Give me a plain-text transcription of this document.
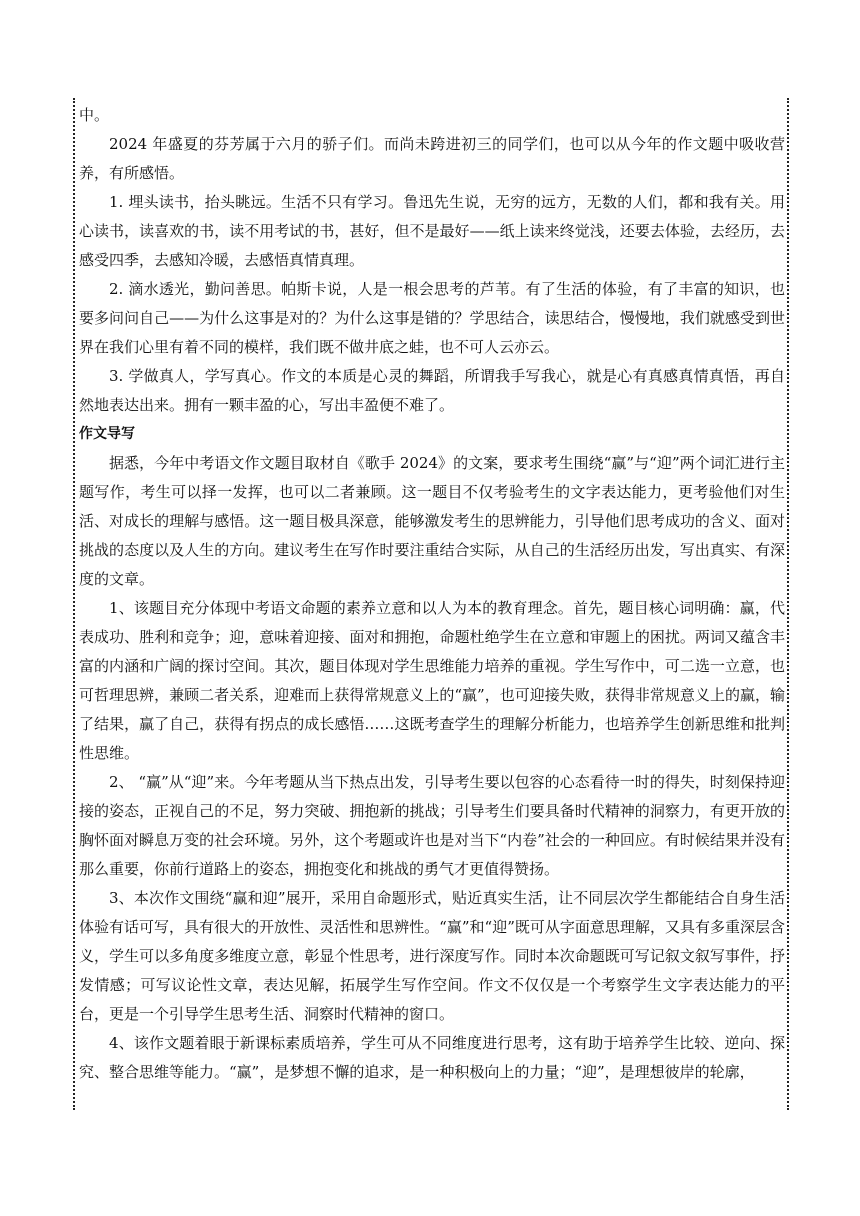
中。

2024 年盛夏的芬芳属于六月的骄子们。而尚未跨进初三的同学们，也可以从今年的作文题中吸收营养，有所感悟。

1. 埋头读书，抬头眺远。生活不只有学习。鲁迅先生说，无穷的远方，无数的人们，都和我有关。用心读书，读喜欢的书，读不用考试的书，甚好，但不是最好——纸上读来终觉浅，还要去体验，去经历，去感受四季，去感知冷暖，去感悟真情真理。

2. 滴水透光，勤问善思。帕斯卡说，人是一根会思考的芦苇。有了生活的体验，有了丰富的知识，也要多问问自己——为什么这事是对的？为什么这事是错的？学思结合，读思结合，慢慢地，我们就感受到世界在我们心里有着不同的模样，我们既不做井底之蛙，也不可人云亦云。

3. 学做真人，学写真心。作文的本质是心灵的舞蹈，所谓我手写我心，就是心有真感真情真悟，再自然地表达出来。拥有一颗丰盈的心，写出丰盈便不难了。

作文导写

据悉，今年中考语文作文题目取材自《歌手 2024》的文案，要求考生围绕“赢”与“迎”两个词汇进行主题写作，考生可以择一发挥，也可以二者兼顾。这一题目不仅考验考生的文字表达能力，更考验他们对生活、对成长的理解与感悟。这一题目极具深意，能够激发考生的思辨能力，引导他们思考成功的含义、面对挑战的态度以及人生的方向。建议考生在写作时要注重结合实际，从自己的生活经历出发，写出真实、有深度的文章。

1、该题目充分体现中考语文命题的素养立意和以人为本的教育理念。首先，题目核心词明确：赢，代表成功、胜利和竞争；迎，意味着迎接、面对和拥抱，命题杜绝学生在立意和审题上的困扰。两词又蕴含丰富的内涵和广阔的探讨空间。其次，题目体现对学生思维能力培养的重视。学生写作中，可二选一立意，也可哲理思辨，兼顾二者关系，迎难而上获得常规意义上的“赢”，也可迎接失败，获得非常规意义上的赢，输了结果，赢了自己，获得有拐点的成长感悟……这既考查学生的理解分析能力，也培养学生创新思维和批判性思维。

2、 “赢”从“迎”来。今年考题从当下热点出发，引导考生要以包容的心态看待一时的得失，时刻保持迎接的姿态，正视自己的不足，努力突破、拥抱新的挑战；引导考生们要具备时代精神的洞察力，有更开放的胸怀面对瞬息万变的社会环境。另外，这个考题或许也是对当下“内卷”社会的一种回应。有时候结果并没有那么重要，你前行道路上的姿态，拥抱变化和挑战的勇气才更值得赞扬。

3、本次作文围绕“赢和迎”展开，采用自命题形式，贴近真实生活，让不同层次学生都能结合自身生活体验有话可写，具有很大的开放性、灵活性和思辨性。“赢”和“迎”既可从字面意思理解，又具有多重深层含义，学生可以多角度多维度立意，彰显个性思考，进行深度写作。同时本次命题既可写记叙文叙写事件，抒发情感；可写议论性文章，表达见解，拓展学生写作空间。作文不仅仅是一个考察学生文字表达能力的平台，更是一个引导学生思考生活、洞察时代精神的窗口。

4、该作文题着眼于新课标素质培养，学生可从不同维度进行思考，这有助于培养学生比较、逆向、探究、整合思维等能力。“赢”，是梦想不懈的追求，是一种积极向上的力量；“迎”，是理想彼岸的轮廓，
